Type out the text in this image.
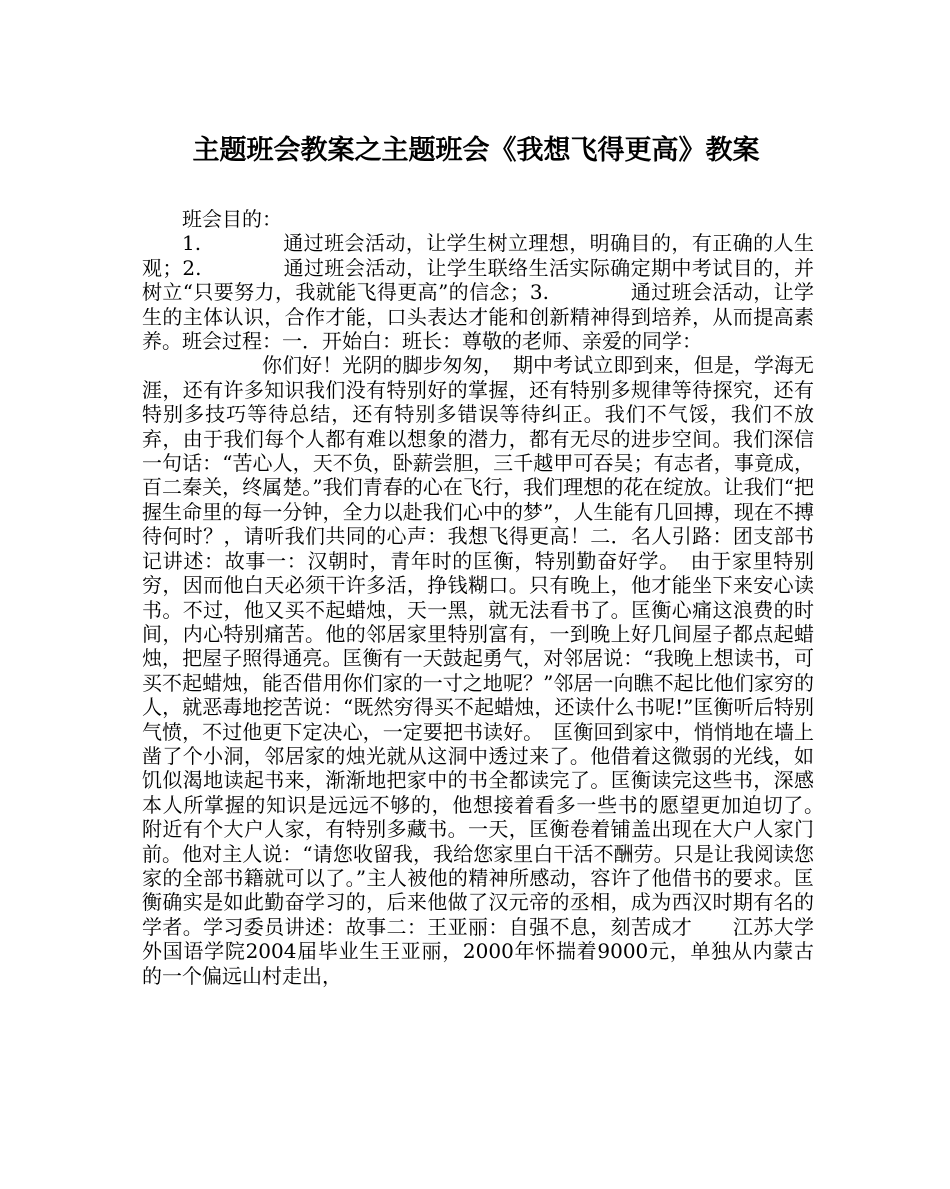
主题班会教案之主题班会《我想飞得更高》教案

班会目的：

1.　　　　通过班会活动，让学生树立理想，明确目的，有正确的人生观；2.　　　　通过班会活动，让学生联络生活实际确定期中考试目的，并树立“只要努力，我就能飞得更高”的信念；3.　　　　通过班会活动，让学生的主体认识，合作才能，口头表达才能和创新精神得到培养，从而提高素养。班会过程：一．开始白：班长：尊敬的老师、亲爱的同学：

你们好！光阴的脚步匆匆，　期中考试立即到来，但是，学海无涯，还有许多知识我们没有特别好的掌握，还有特别多规律等待探究，还有特别多技巧等待总结，还有特别多错误等待纠正。我们不气馁，我们不放弃，由于我们每个人都有难以想象的潜力，都有无尽的进步空间。我们深信一句话：“苦心人，天不负，卧薪尝胆，三千越甲可吞吴；有志者，事竟成，百二秦关，终属楚。”我们青春的心在飞行，我们理想的花在绽放。让我们“把握生命里的每一分钟，全力以赴我们心中的梦”，人生能有几回搏，现在不搏待何时？，请听我们共同的心声：我想飞得更高！二．名人引路：团支部书记讲述：故事一：汉朝时，青年时的匡衡，特别勤奋好学。　由于家里特别穷，因而他白天必须干许多活，挣钱糊口。只有晚上，他才能坐下来安心读书。不过，他又买不起蜡烛，天一黑，就无法看书了。匡衡心痛这浪费的时间，内心特别痛苦。他的邻居家里特别富有，一到晚上好几间屋子都点起蜡烛，把屋子照得通亮。匡衡有一天鼓起勇气，对邻居说：“我晚上想读书，可买不起蜡烛，能否借用你们家的一寸之地呢？”邻居一向瞧不起比他们家穷的人，就恶毒地挖苦说：“既然穷得买不起蜡烛，还读什么书呢!”匡衡听后特别气愤，不过他更下定决心，一定要把书读好。　匡衡回到家中，悄悄地在墙上凿了个小洞，邻居家的烛光就从这洞中透过来了。他借着这微弱的光线，如饥似渴地读起书来，渐渐地把家中的书全都读完了。匡衡读完这些书，深感本人所掌握的知识是远远不够的，他想接着看多一些书的愿望更加迫切了。　附近有个大户人家，有特别多藏书。一天，匡衡卷着铺盖出现在大户人家门前。他对主人说：“请您收留我，我给您家里白干活不酬劳。只是让我阅读您家的全部书籍就可以了。”主人被他的精神所感动，容许了他借书的要求。匡衡确实是如此勤奋学习的，后来他做了汉元帝的丞相，成为西汉时期有名的学者。学习委员讲述：故事二：王亚丽：自强不息，刻苦成才　　江苏大学外国语学院2004届毕业生王亚丽，2000年怀揣着9000元，单独从内蒙古的一个偏远山村走出，
